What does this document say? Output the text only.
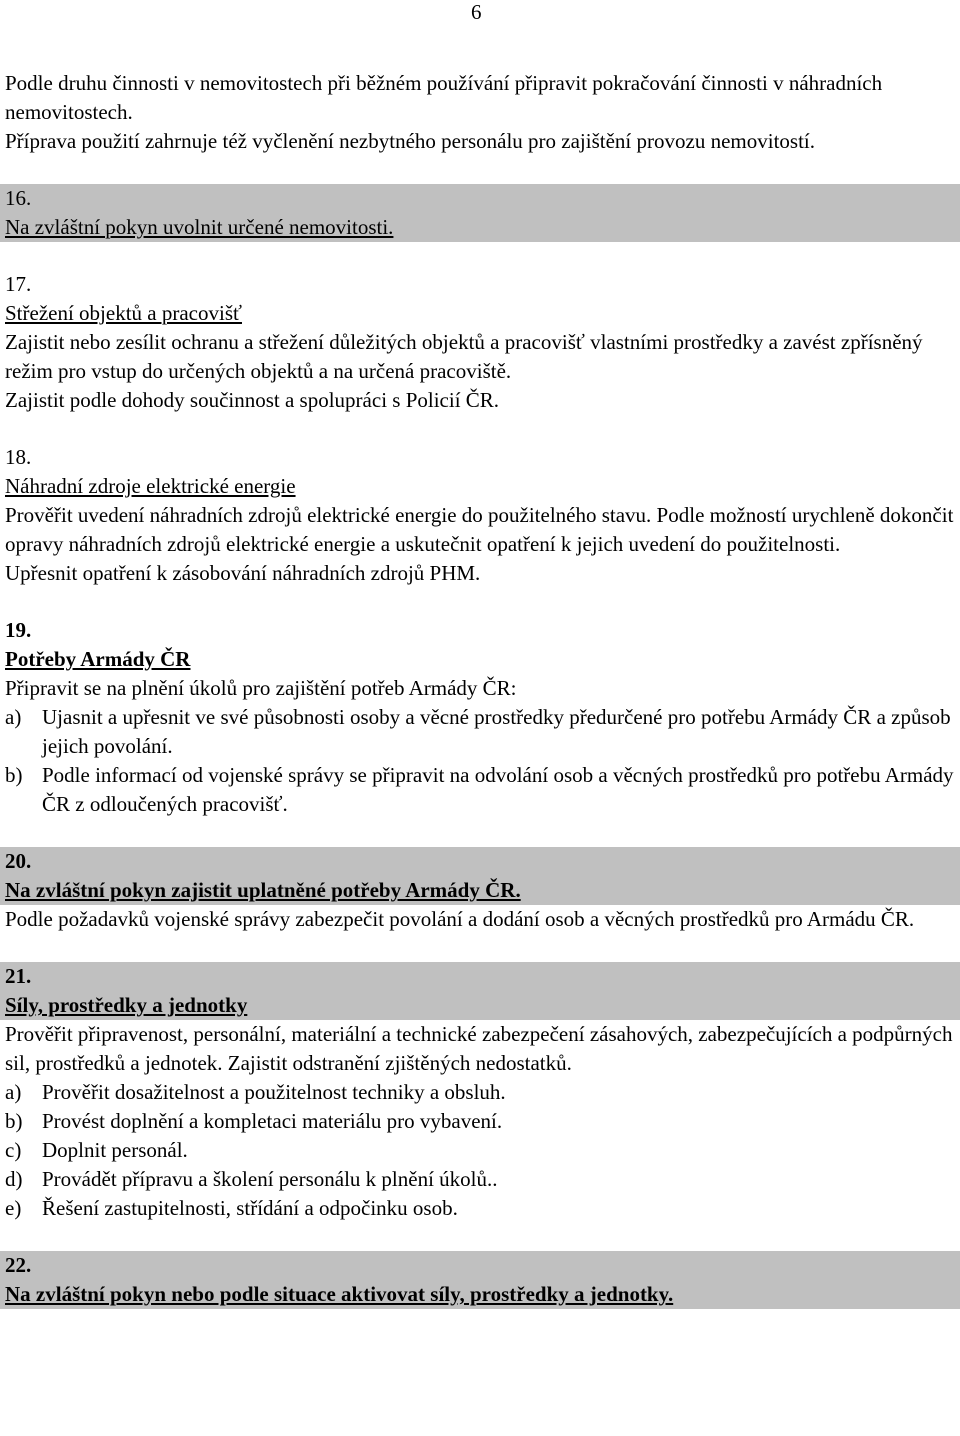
6

Podle druhu činnosti v nemovitostech při běžném používání připravit pokračování činnosti v náhradních nemovitostech.

Příprava použití zahrnuje též vyčlenění nezbytného personálu pro zajištění provozu nemovitostí.

16.

Na zvláštní pokyn uvolnit určené nemovitosti.

17.

Střežení objektů a pracovišť

Zajistit nebo zesílit ochranu a střežení důležitých objektů a pracovišť vlastními prostředky a zavést zpřísněný režim pro vstup do určených objektů a na určená pracoviště.

Zajistit podle dohody součinnost a spolupráci s Policií ČR.

18.

Náhradní zdroje elektrické energie

Prověřit uvedení náhradních zdrojů elektrické energie do použitelného stavu. Podle možností urychleně dokončit opravy náhradních zdrojů elektrické energie a uskutečnit opatření k jejich uvedení do použitelnosti.

Upřesnit opatření k zásobování náhradních zdrojů PHM.

19.

Potřeby Armády ČR

Připravit se na plnění úkolů pro zajištění potřeb Armády ČR:

a) Ujasnit a upřesnit ve své působnosti osoby a věcné prostředky předurčené pro potřebu Armády ČR a způsob jejich povolání.
b) Podle informací od vojenské správy se připravit na odvolání osob a věcných prostředků pro potřebu Armády ČR z odloučených pracovišť.

20.

Na zvláštní pokyn zajistit uplatněné potřeby Armády ČR.

Podle požadavků vojenské správy zabezpečit povolání a dodání osob a věcných prostředků pro Armádu ČR.

21.

Síly, prostředky a jednotky

Prověřit připravenost, personální, materiální a technické zabezpečení zásahových, zabezpečujících a podpůrných sil, prostředků a jednotek. Zajistit odstranění zjištěných nedostatků.

a) Prověřit dosažitelnost a použitelnost techniky a obsluh.
b) Provést doplnění a kompletaci materiálu pro vybavení.
c) Doplnit personál.
d) Provádět přípravu a školení personálu k plnění úkolů..
e) Řešení zastupitelnosti, střídání a odpočinku osob.

22.

Na zvláštní pokyn nebo podle situace aktivovat síly, prostředky a jednotky.
